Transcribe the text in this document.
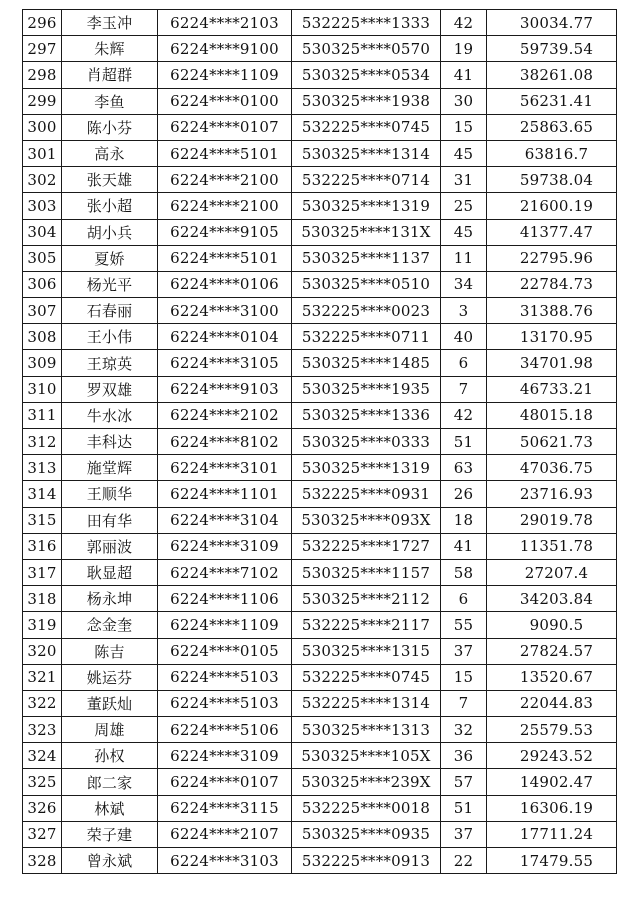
296	李玉冲	6224****2103	532225****1333	42	30034.77
297	朱辉	6224****9100	530325****0570	19	59739.54
298	肖超群	6224****1109	530325****0534	41	38261.08
299	李鱼	6224****0100	530325****1938	30	56231.41
300	陈小芬	6224****0107	532225****0745	15	25863.65
301	高永	6224****5101	530325****1314	45	63816.7
302	张天雄	6224****2100	532225****0714	31	59738.04
303	张小超	6224****2100	530325****1319	25	21600.19
304	胡小兵	6224****9105	530325****131X	45	41377.47
305	夏娇	6224****5101	530325****1137	11	22795.96
306	杨光平	6224****0106	530325****0510	34	22784.73
307	石春丽	6224****3100	532225****0023	3	31388.76
308	王小伟	6224****0104	532225****0711	40	13170.95
309	王琼英	6224****3105	530325****1485	6	34701.98
310	罗双雄	6224****9103	530325****1935	7	46733.21
311	牛水冰	6224****2102	530325****1336	42	48015.18
312	丰科达	6224****8102	530325****0333	51	50621.73
313	施堂辉	6224****3101	530325****1319	63	47036.75
314	王顺华	6224****1101	532225****0931	26	23716.93
315	田有华	6224****3104	530325****093X	18	29019.78
316	郭丽波	6224****3109	532225****1727	41	11351.78
317	耿显超	6224****7102	530325****1157	58	27207.4
318	杨永坤	6224****1106	530325****2112	6	34203.84
319	念金奎	6224****1109	532225****2117	55	9090.5
320	陈吉	6224****0105	530325****1315	37	27824.57
321	姚运芬	6224****5103	532225****0745	15	13520.67
322	董跃灿	6224****5103	532225****1314	7	22044.83
323	周雄	6224****5106	530325****1313	32	25579.53
324	孙权	6224****3109	530325****105X	36	29243.52
325	郎二家	6224****0107	530325****239X	57	14902.47
326	林斌	6224****3115	532225****0018	51	16306.19
327	荣子建	6224****2107	530325****0935	37	17711.24
328	曾永斌	6224****3103	532225****0913	22	17479.55
